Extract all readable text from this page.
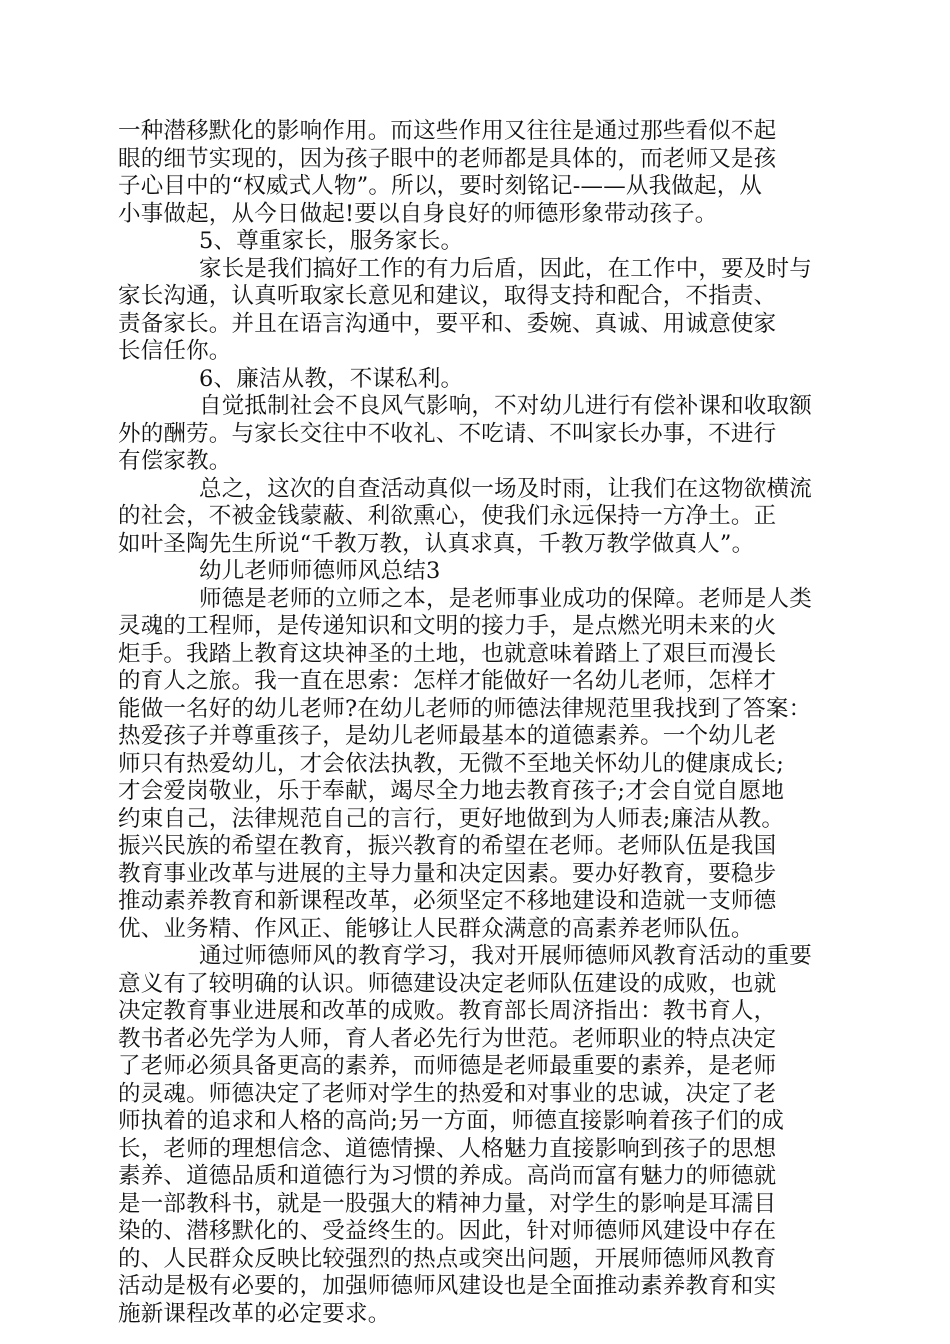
一种潜移默化的影响作用。而这些作用又往往是通过那些看似不起
眼的细节实现的，因为孩子眼中的老师都是具体的，而老师又是孩
子心目中的“权威式人物”。所以，要时刻铭记-——从我做起，从
小事做起，从今日做起!要以自身良好的师德形象带动孩子。
5、尊重家长，服务家长。
家长是我们搞好工作的有力后盾，因此，在工作中，要及时与
家长沟通，认真听取家长意见和建议，取得支持和配合，不指责、
责备家长。并且在语言沟通中，要平和、委婉、真诚、用诚意使家
长信任你。
6、廉洁从教，不谋私利。
自觉抵制社会不良风气影响，不对幼儿进行有偿补课和收取额
外的酬劳。与家长交往中不收礼、不吃请、不叫家长办事，不进行
有偿家教。
总之，这次的自查活动真似一场及时雨，让我们在这物欲横流
的社会，不被金钱蒙蔽、利欲熏心，使我们永远保持一方净土。正
如叶圣陶先生所说“千教万教，认真求真，千教万教学做真人”。
幼儿老师师德师风总结3
师德是老师的立师之本，是老师事业成功的保障。老师是人类
灵魂的工程师，是传递知识和文明的接力手，是点燃光明未来的火
炬手。我踏上教育这块神圣的土地，也就意味着踏上了艰巨而漫长
的育人之旅。我一直在思索：怎样才能做好一名幼儿老师，怎样才
能做一名好的幼儿老师?在幼儿老师的师德法律规范里我找到了答案：
热爱孩子并尊重孩子，是幼儿老师最基本的道德素养。一个幼儿老
师只有热爱幼儿，才会依法执教，无微不至地关怀幼儿的健康成长;
才会爱岗敬业，乐于奉献，竭尽全力地去教育孩子;才会自觉自愿地
约束自己，法律规范自己的言行，更好地做到为人师表;廉洁从教。
振兴民族的希望在教育，振兴教育的希望在老师。老师队伍是我国
教育事业改革与进展的主导力量和决定因素。要办好教育，要稳步
推动素养教育和新课程改革，必须坚定不移地建设和造就一支师德
优、业务精、作风正、能够让人民群众满意的高素养老师队伍。
通过师德师风的教育学习，我对开展师德师风教育活动的重要
意义有了较明确的认识。师德建设决定老师队伍建设的成败，也就
决定教育事业进展和改革的成败。教育部长周济指出：教书育人，
教书者必先学为人师，育人者必先行为世范。老师职业的特点决定
了老师必须具备更高的素养，而师德是老师最重要的素养，是老师
的灵魂。师德决定了老师对学生的热爱和对事业的忠诚，决定了老
师执着的追求和人格的高尚;另一方面，师德直接影响着孩子们的成
长，老师的理想信念、道德情操、人格魅力直接影响到孩子的思想
素养、道德品质和道德行为习惯的养成。高尚而富有魅力的师德就
是一部教科书，就是一股强大的精神力量，对学生的影响是耳濡目
染的、潜移默化的、受益终生的。因此，针对师德师风建设中存在
的、人民群众反映比较强烈的热点或突出问题，开展师德师风教育
活动是极有必要的，加强师德师风建设也是全面推动素养教育和实
施新课程改革的必定要求。
